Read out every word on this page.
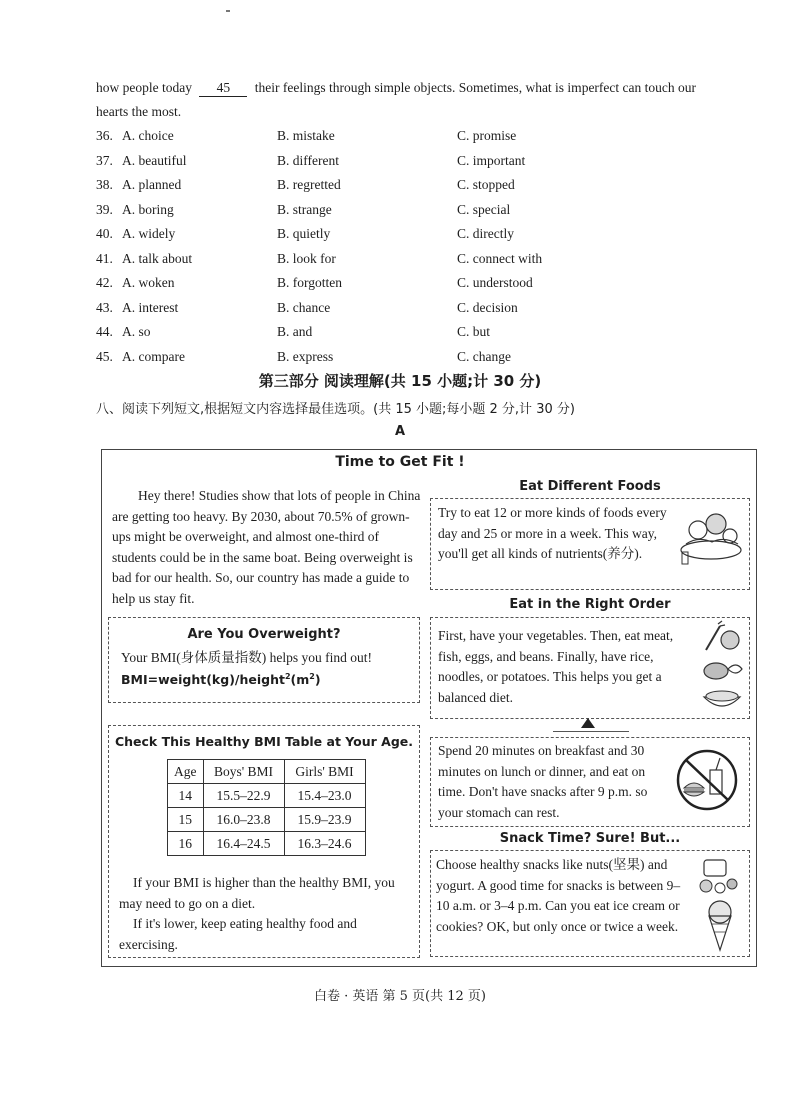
how people today 45 their feelings through simple objects. Sometimes, what is imperfect can touch our
hearts the most.
36. A. choice	B. mistake	C. promise
37. A. beautiful	B. different	C. important
38. A. planned	B. regretted	C. stopped
39. A. boring	B. strange	C. special
40. A. widely	B. quietly	C. directly
41. A. talk about	B. look for	C. connect with
42. A. woken	B. forgotten	C. understood
43. A. interest	B. chance	C. decision
44. A. so	B. and	C. but
45. A. compare	B. express	C. change
第三部分 阅读理解(共 15 小题;计 30 分)
八、阅读下列短文,根据短文内容选择最佳选项。(共 15 小题;每小题 2 分,计 30 分)
A
Time to Get Fit !
Hey there! Studies show that lots of people in China are getting too heavy. By 2030, about 70.5% of grown-ups might be overweight, and almost one-third of students could be in the same boat. Being overweight is bad for our health. So, our country has made a guide to help us stay fit.
Are You Overweight?
Your BMI(身体质量指数) helps you find out!
$BMI=weight(kg)/height^2(m^2)$
Check This Healthy BMI Table at Your Age.
Age	Boys' BMI	Girls' BMI
14	15.5–22.9	15.4–23.0
15	16.0–23.8	15.9–23.9
16	16.4–24.5	16.3–24.6
If your BMI is higher than the healthy BMI, you may need to go on a diet.
If it's lower, keep eating healthy food and exercising.
Eat Different Foods
Try to eat 12 or more kinds of foods every day and 25 or more in a week. This way, you'll get all kinds of nutrients(养分).
Eat in the Right Order
First, have your vegetables. Then, eat meat, fish, eggs, and beans. Finally, have rice, noodles, or potatoes. This helps you get a balanced diet.
Spend 20 minutes on breakfast and 30 minutes on lunch or dinner, and eat on time. Don't have snacks after 9 p.m. so your stomach can rest.
Snack Time? Sure! But...
Choose healthy snacks like nuts(坚果) and yogurt. A good time for snacks is between 9–10 a.m. or 3–4 p.m. Can you eat ice cream or cookies? OK, but only once or twice a week.
白卷 · 英语 第 5 页(共 12 页)
